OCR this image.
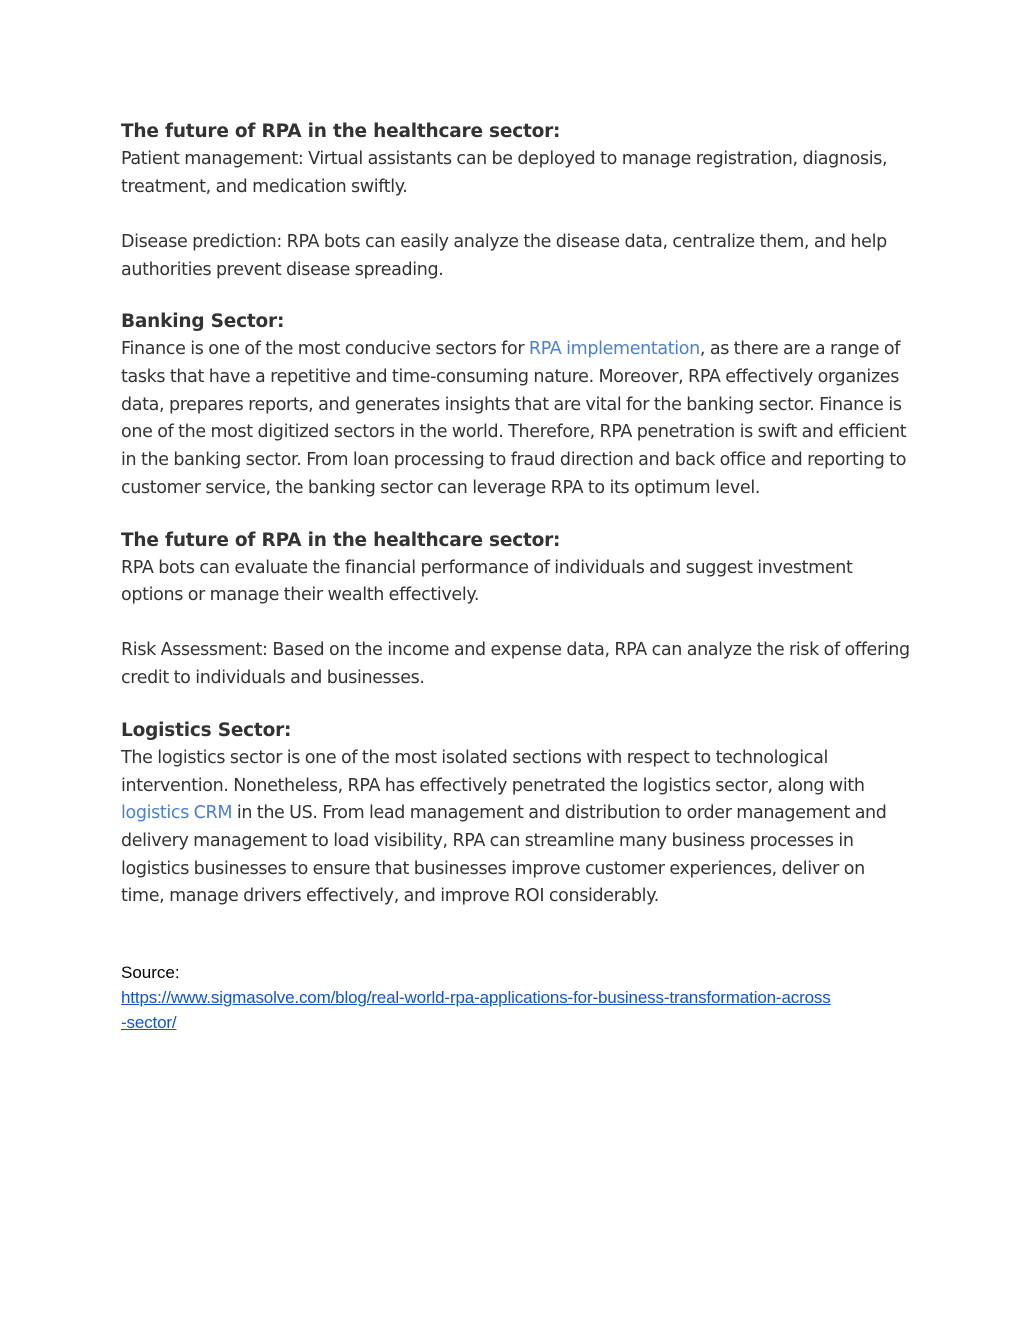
The future of RPA in the healthcare sector:

Patient management: Virtual assistants can be deployed to manage registration, diagnosis, treatment, and medication swiftly.

Disease prediction: RPA bots can easily analyze the disease data, centralize them, and help authorities prevent disease spreading.

Banking Sector:

Finance is one of the most conducive sectors for RPA implementation, as there are a range of tasks that have a repetitive and time-consuming nature. Moreover, RPA effectively organizes data, prepares reports, and generates insights that are vital for the banking sector. Finance is one of the most digitized sectors in the world. Therefore, RPA penetration is swift and efficient in the banking sector. From loan processing to fraud direction and back office and reporting to customer service, the banking sector can leverage RPA to its optimum level.

The future of RPA in the healthcare sector:

RPA bots can evaluate the financial performance of individuals and suggest investment options or manage their wealth effectively.

Risk Assessment: Based on the income and expense data, RPA can analyze the risk of offering credit to individuals and businesses.

Logistics Sector:

The logistics sector is one of the most isolated sections with respect to technological intervention. Nonetheless, RPA has effectively penetrated the logistics sector, along with logistics CRM in the US. From lead management and distribution to order management and delivery management to load visibility, RPA can streamline many business processes in logistics businesses to ensure that businesses improve customer experiences, deliver on time, manage drivers effectively, and improve ROI considerably.

Source:

https://www.sigmasolve.com/blog/real-world-rpa-applications-for-business-transformation-across
-sector/
